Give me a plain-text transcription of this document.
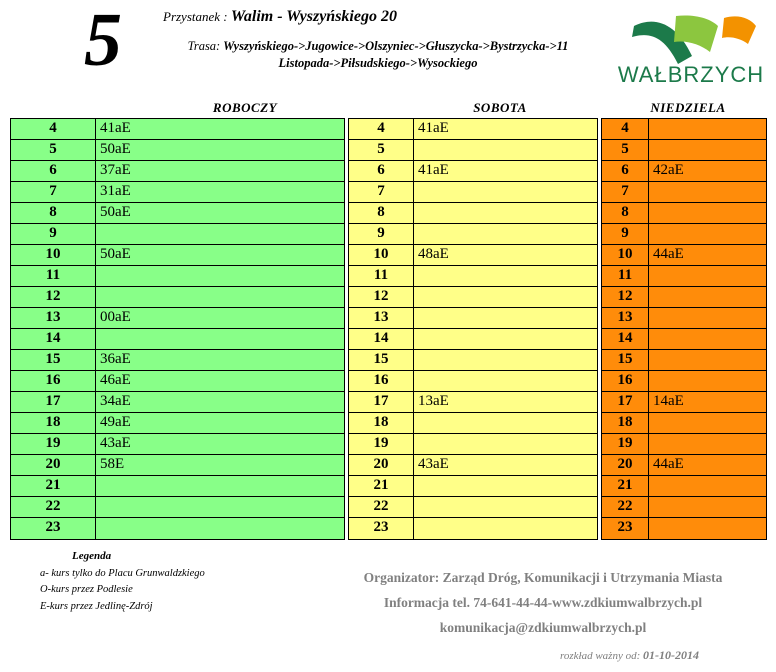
5	Przystanek : Walim - Wyszyńskiego 20
Trasa: Wyszyńskiego->Jugowice->Olszyniec->Głuszycka->Bystrzycka->11 Listopada->Piłsudskiego->Wysockiego	WAŁBRZYCH
ROBOCZY	SOBOTA	NIEDZIELA
4	41aE
5	50aE
6	37aE
7	31aE
8	50aE
9
10	50aE
11
12
13	00aE
14
15	36aE
16	46aE
17	34aE
18	49aE
19	43aE
20	58E
21
22
23
4	41aE
5
6	41aE
7
8
9
10	48aE
11
12
13
14
15
16
17	13aE
18
19
20	43aE
21
22
23
4
5
6	42aE
7
8
9
10	44aE
11
12
13
14
15
16
17	14aE
18
19
20	44aE
21
22
23
Legenda
a- kurs tylko do Placu Grunwaldzkiego
O-kurs przez Podlesie
E-kurs przez Jedlinę-Zdrój
Organizator: Zarząd Dróg, Komunikacji i Utrzymania Miasta
Informacja tel. 74-641-44-44-www.zdkiumwalbrzych.pl
komunikacja@zdkiumwalbrzych.pl
rozkład ważny od: 01-10-2014
